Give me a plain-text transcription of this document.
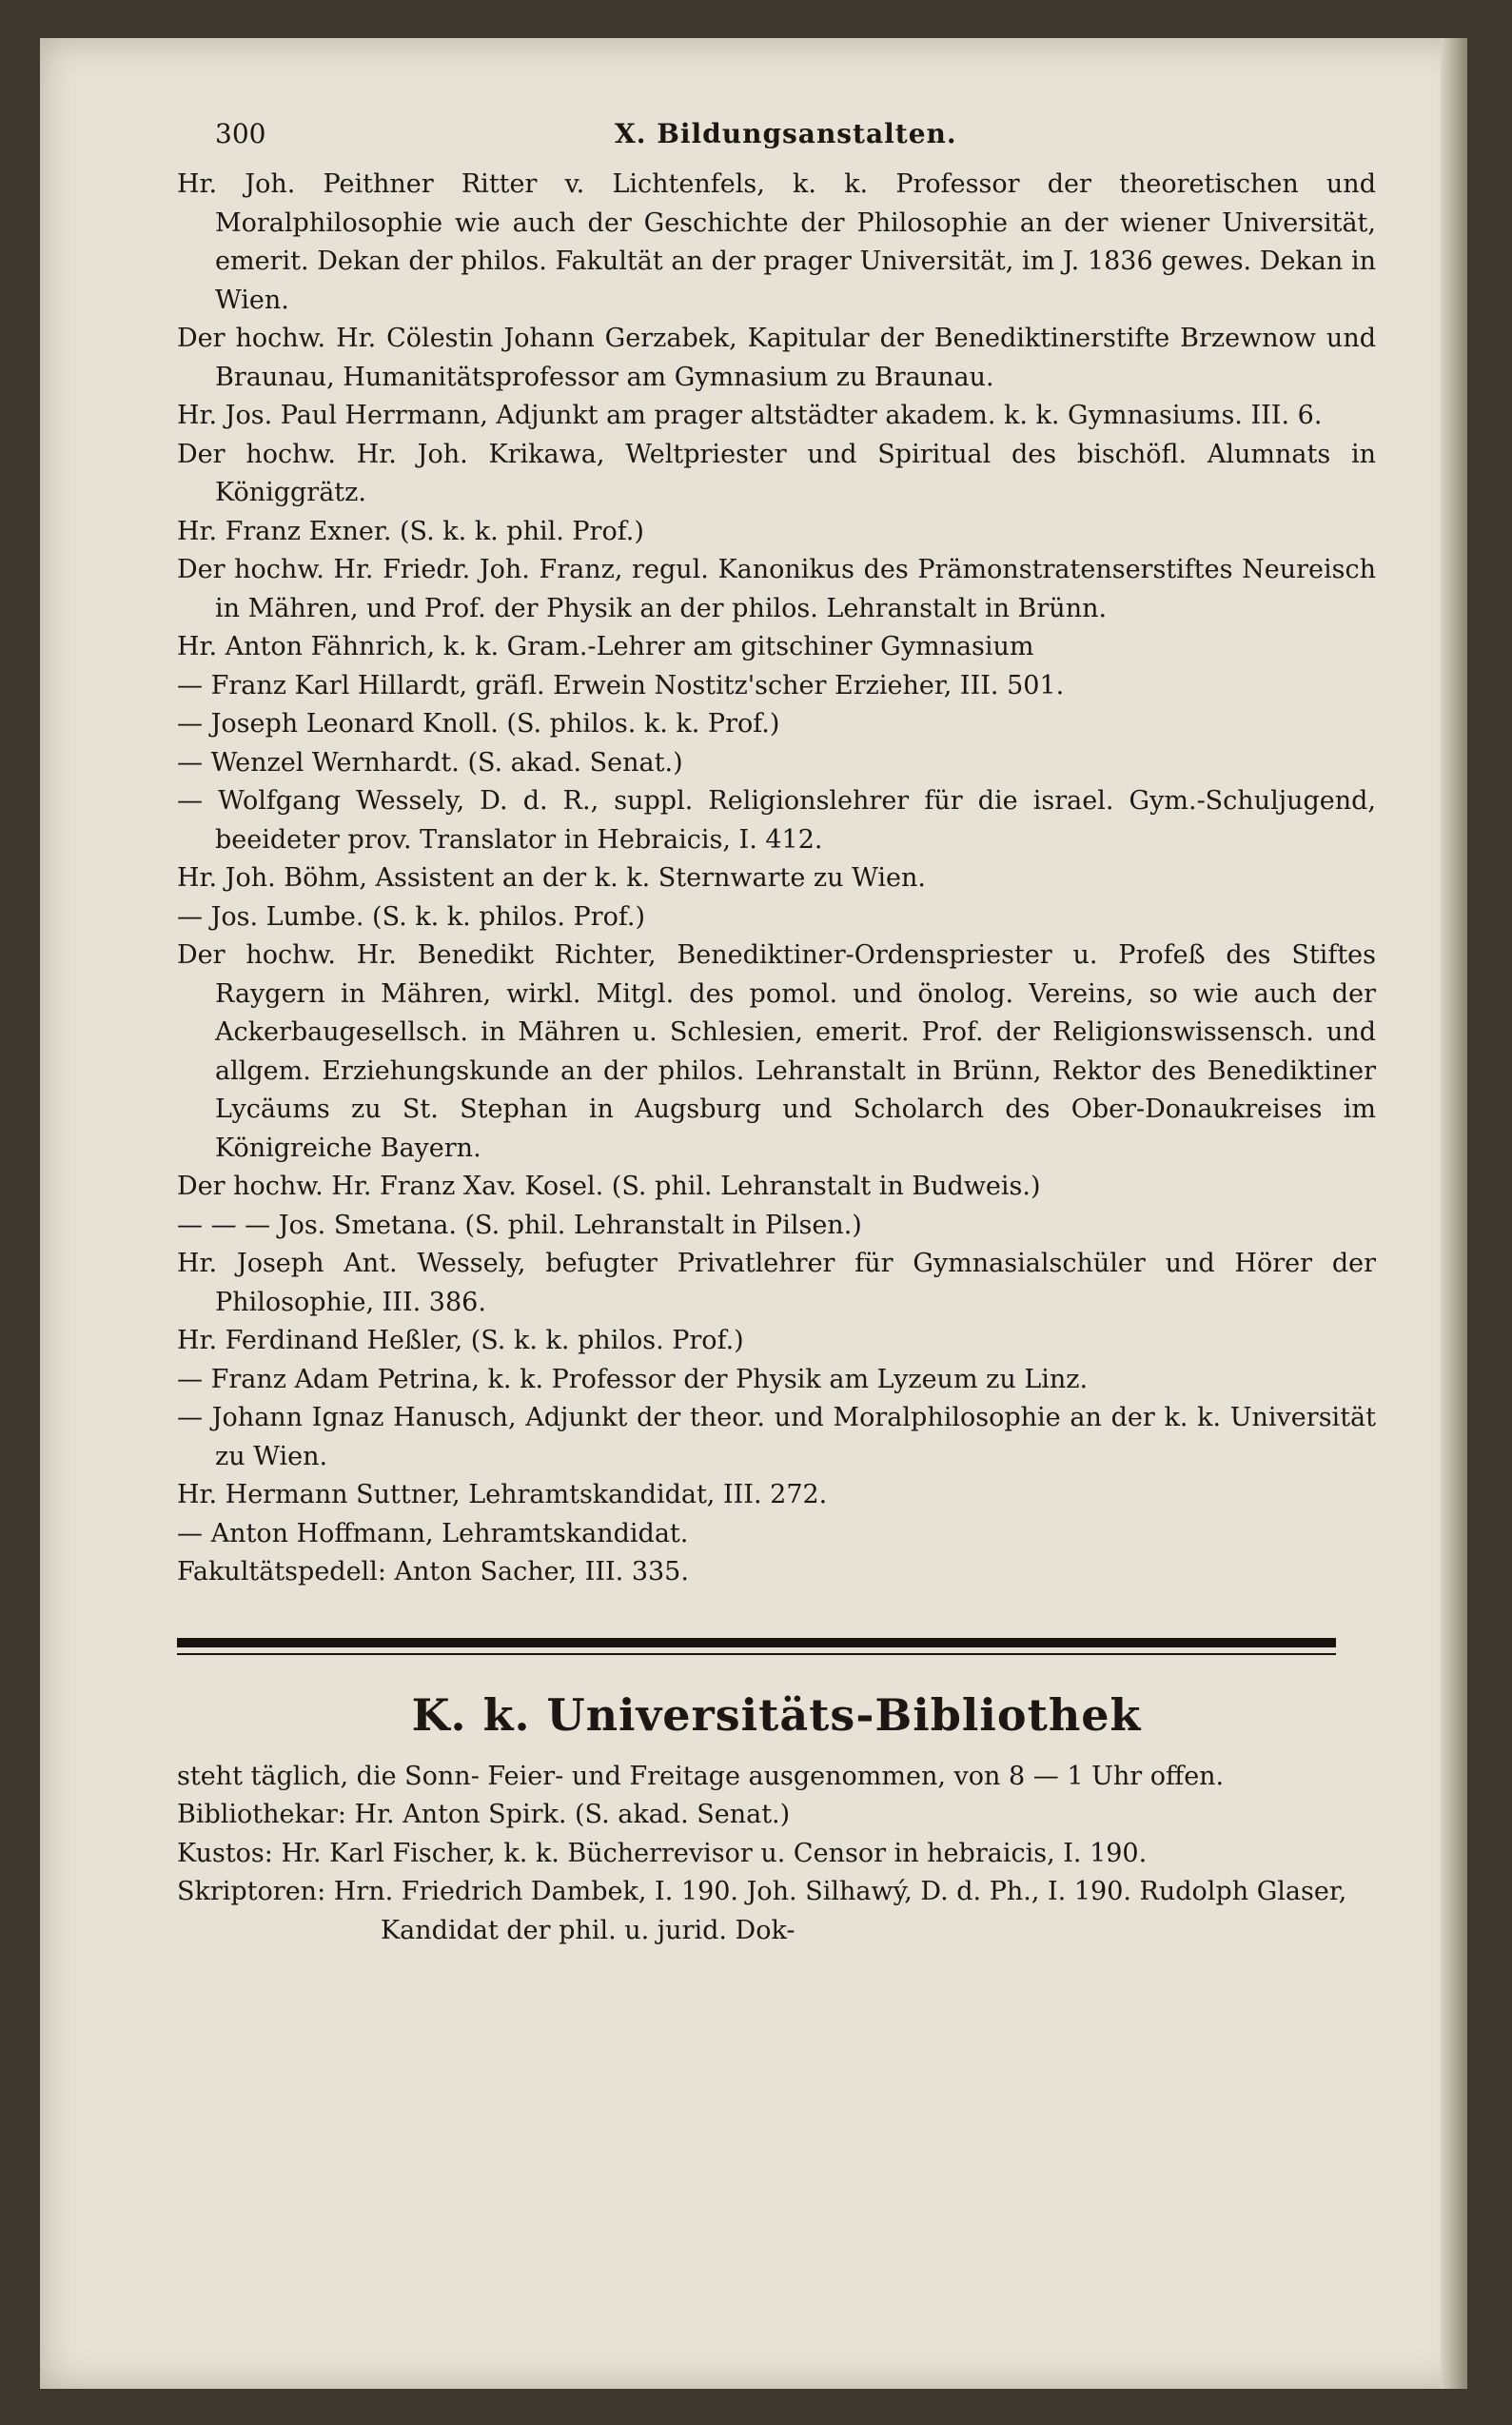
300	X. Bildungsanstalten.

Hr. Joh. Peithner Ritter v. Lichtenfels, k. k. Professor der theoretischen und Moralphilosophie wie auch der Geschichte der Philosophie an der wiener Universität, emerit. Dekan der philos. Fakultät an der prager Universität, im J. 1836 gewes. Dekan in Wien.

Der hochw. Hr. Cölestin Johann Gerzabek, Kapitular der Benediktinerstifte Brzewnow und Braunau, Humanitätsprofessor am Gymnasium zu Braunau.

Hr. Jos. Paul Herrmann, Adjunkt am prager altstädter akadem. k. k. Gymnasiums. III. 6.

Der hochw. Hr. Joh. Krikawa, Weltpriester und Spiritual des bischöfl. Alumnats in Königgrätz.

Hr. Franz Exner. (S. k. k. phil. Prof.)

Der hochw. Hr. Friedr. Joh. Franz, regul. Kanonikus des Prämonstratenserstiftes Neureisch in Mähren, und Prof. der Physik an der philos. Lehranstalt in Brünn.

Hr. Anton Fähnrich, k. k. Gram.-Lehrer am gitschiner Gymnasium

— Franz Karl Hillardt, gräfl. Erwein Nostitz'scher Erzieher, III. 501.

— Joseph Leonard Knoll. (S. philos. k. k. Prof.)

— Wenzel Wernhardt. (S. akad. Senat.)

— Wolfgang Wessely, D. d. R., suppl. Religionslehrer für die israel. Gym.-Schuljugend, beeideter prov. Translator in Hebraicis, I. 412.

Hr. Joh. Böhm, Assistent an der k. k. Sternwarte zu Wien.

— Jos. Lumbe. (S. k. k. philos. Prof.)

Der hochw. Hr. Benedikt Richter, Benediktiner-Ordenspriester u. Profeß des Stiftes Raygern in Mähren, wirkl. Mitgl. des pomol. und önolog. Vereins, so wie auch der Ackerbaugesellsch. in Mähren u. Schlesien, emerit. Prof. der Religionswissensch. und allgem. Erziehungskunde an der philos. Lehranstalt in Brünn, Rektor des Benediktiner Lycäums zu St. Stephan in Augsburg und Scholarch des Ober-Donaukreises im Königreiche Bayern.

Der hochw. Hr. Franz Xav. Kosel. (S. phil. Lehranstalt in Budweis.)

— — — Jos. Smetana. (S. phil. Lehranstalt in Pilsen.)

Hr. Joseph Ant. Wessely, befugter Privatlehrer für Gymnasialschüler und Hörer der Philosophie, III. 386.

Hr. Ferdinand Heßler, (S. k. k. philos. Prof.)

— Franz Adam Petrina, k. k. Professor der Physik am Lyzeum zu Linz.

— Johann Ignaz Hanusch, Adjunkt der theor. und Moralphilosophie an der k. k. Universität zu Wien.

Hr. Hermann Suttner, Lehramtskandidat, III. 272.

— Anton Hoffmann, Lehramtskandidat.

Fakultätspedell: Anton Sacher, III. 335.

K. k. Universitäts-Bibliothek

steht täglich, die Sonn- Feier- und Freitage ausgenommen, von 8 — 1 Uhr offen.

Bibliothekar: Hr. Anton Spirk. (S. akad. Senat.)

Kustos: Hr. Karl Fischer, k. k. Bücherrevisor u. Censor in hebraicis, I. 190.

Skriptoren: Hrn. Friedrich Dambek, I. 190. Joh. Silhawý, D. d. Ph., I. 190. Rudolph Glaser, Kandidat der phil. u. jurid. Dok-
